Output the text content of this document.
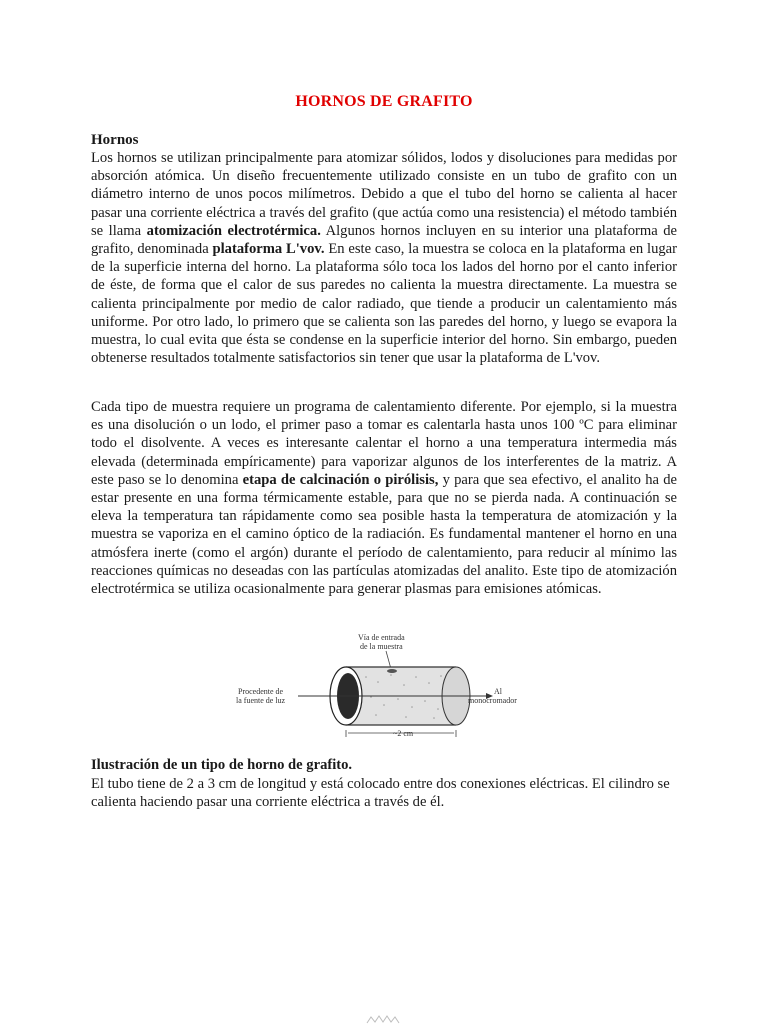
HORNOS DE GRAFITO
Hornos
Los hornos se utilizan principalmente para atomizar sólidos, lodos y disoluciones para medidas por absorción atómica. Un diseño frecuentemente utilizado consiste en un tubo de grafito con un diámetro interno de unos pocos milímetros. Debido a que el tubo del horno se calienta al hacer pasar una corriente eléctrica a través del grafito (que actúa como una resistencia) el método también se llama atomización electrotérmica. Algunos hornos incluyen en su interior una plataforma de grafito, denominada plataforma L'vov. En este caso, la muestra se coloca en la plataforma en lugar de la superficie interna del horno. La plataforma sólo toca los lados del horno por el canto inferior de éste, de forma que el calor de sus paredes no calienta la muestra directamente. La muestra se calienta principalmente por medio de calor radiado, que tiende a producir un calentamiento más uniforme. Por otro lado, lo primero que se calienta son las paredes del horno, y luego se evapora la muestra, lo cual evita que ésta se condense en la superficie interior del horno. Sin embargo, pueden obtenerse resultados totalmente satisfactorios sin tener que usar la plataforma de L'vov.
Cada tipo de muestra requiere un programa de calentamiento diferente. Por ejemplo, si la muestra es una disolución o un lodo, el primer paso a tomar es calentarla hasta unos 100 ºC para eliminar todo el disolvente. A veces es interesante calentar el horno a una temperatura intermedia más elevada (determinada empíricamente) para vaporizar algunos de los interferentes de la matriz. A este paso se lo denomina etapa de calcinación o pirólisis, y para que sea efectivo, el analito ha de estar presente en una forma térmicamente estable, para que no se pierda nada. A continuación se eleva la temperatura tan rápidamente como sea posible hasta la temperatura de atomización y la muestra se vaporiza en el camino óptico de la radiación. Es fundamental mantener el horno en una atmósfera inerte (como el argón) durante el período de calentamiento, para reducir al mínimo las reacciones químicas no deseadas con las partículas atomizadas del analito. Este tipo de atomización electrotérmica se utiliza ocasionalmente para generar plasmas para emisiones atómicas.
Vía de entrada
de la muestra
Procedente de
la fuente de luz
Al
monocromador
~2 cm
Ilustración de un tipo de horno de grafito.
El tubo tiene de 2 a 3 cm de longitud y está colocado entre dos conexiones eléctricas. El cilindro se calienta haciendo pasar una corriente eléctrica a través de él.
